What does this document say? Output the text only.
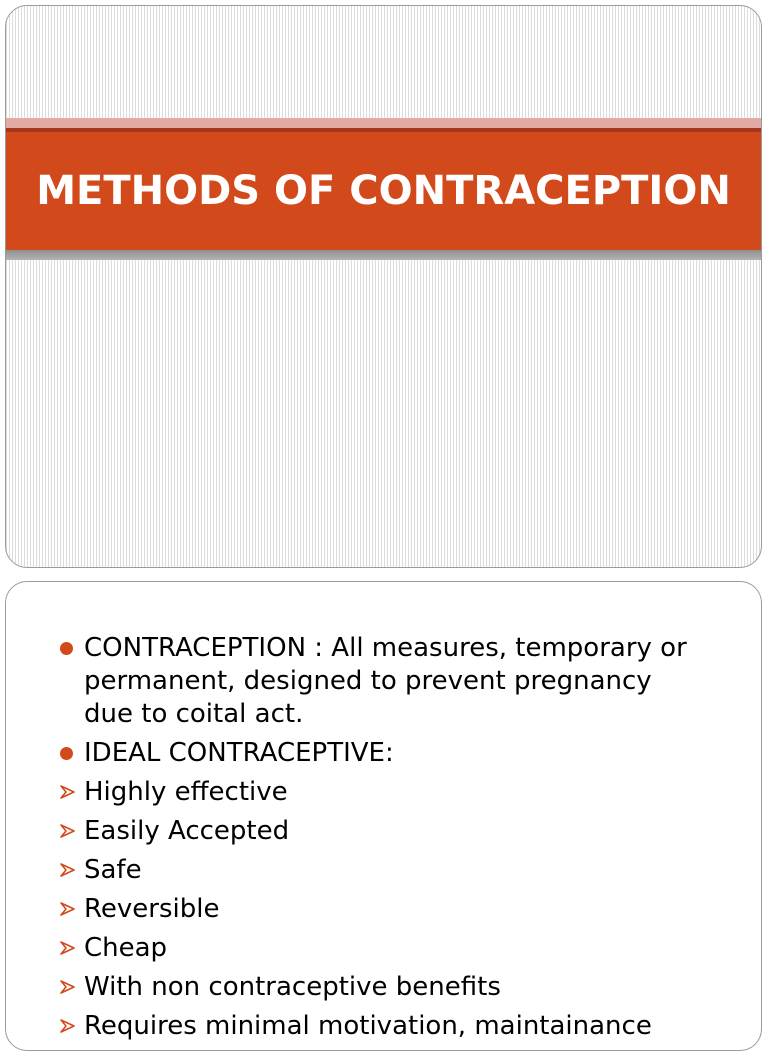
METHODS OF CONTRACEPTION
CONTRACEPTION : All measures, temporary or permanent, designed to prevent pregnancy due to coital act.
IDEAL CONTRACEPTIVE:
Highly effective
Easily Accepted
Safe
Reversible
Cheap
With non contraceptive benefits
Requires minimal motivation, maintainance
